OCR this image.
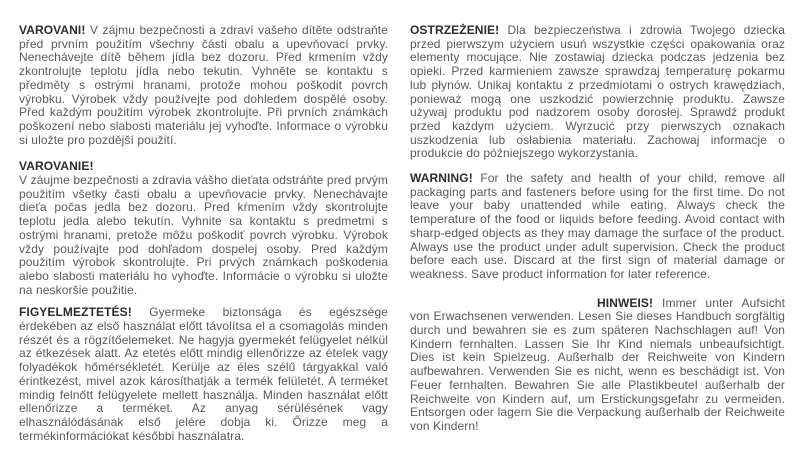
VAROVANI! V zájmu bezpečnosti a zdraví vašeho dítěte odstraňte před prvním použitím všechny části obalu a upevňovací prvky. Nenechávejte dítě během jídla bez dozoru. Před krmením vždy zkontrolujte teplotu jídla nebo tekutin. Vyhněte se kontaktu s předměty s ostrými hranami, protože mohou poškodit povrch výrobku. Výrobek vždy používejte pod dohledem dospělé osoby. Před každým použitím výrobek zkontrolujte. Při prvních známkách poškození nebo slabosti materiálu jej vyhoďte. Informace o výrobku si uložte pro pozdější použití.

VAROVANIE!
V záujme bezpečnosti a zdravia vášho dieťata odstráňte pred prvým použitím všetky časti obalu a upevňovacie prvky. Nenechávajte dieťa počas jedla bez dozoru. Pred kŕmením vždy skontrolujte teplotu jedla alebo tekutín. Vyhnite sa kontaktu s predmetmi s ostrými hranami, pretože môžu poškodiť povrch výrobku. Výrobok vždy používajte pod dohľadom dospelej osoby. Pred každým použitím výrobok skontrolujte. Pri prvých známkach poškodenia alebo slabosti materiálu ho vyhoďte. Informácie o výrobku si uložte na neskoršie použitie.

FIGYELMEZTETÉS! Gyermeke biztonsága és egészsége érdekében az első használat előtt távolítsa el a csomagolás minden részét és a rögzítőelemeket. Ne hagyja gyermekét felügyelet nélkül az étkezések alatt. Az etetés előtt mindig ellenőrizze az ételek vagy folyadékok hőmérsékletét. Kerülje az éles szélű tárgyakkal való érintkezést, mivel azok károsíthatják a termék felületét. A terméket mindig felnőtt felügyelete mellett használja. Minden használat előtt ellenőrizze a terméket. Az anyag sérülésének vagy elhasználódásának első jelére dobja ki. Őrizze meg a termékinformációkat későbbi használatra.

OSTRZEŻENIE! Dla bezpieczeństwa i zdrowia Twojego dziecka przed pierwszym użyciem usuń wszystkie części opakowania oraz elementy mocujące. Nie zostawiaj dziecka podczas jedzenia bez opieki. Przed karmieniem zawsze sprawdzaj temperaturę pokarmu lub płynów. Unikaj kontaktu z przedmiotami o ostrych krawędziach, ponieważ mogą one uszkodzić powierzchnię produktu. Zawsze używaj produktu pod nadzorem osoby dorosłej. Sprawdź produkt przed każdym użyciem. Wyrzucić przy pierwszych oznakach uszkodzenia lub osłabienia materiału. Zachowaj informacje o produkcie do późniejszego wykorzystania.

WARNING! For the safety and health of your child, remove all packaging parts and fasteners before using for the first time. Do not leave your baby unattended while eating. Always check the temperature of the food or liquids before feeding. Avoid contact with sharp-edged objects as they may damage the surface of the product. Always use the product under adult supervision. Check the product before each use. Discard at the first sign of material damage or weakness. Save product information for later reference.

HINWEIS! Immer unter Aufsicht von Erwachsenen verwenden. Lesen Sie dieses Handbuch sorgfältig durch und bewahren sie es zum späteren Nachschlagen auf! Von Kindern fernhalten. Lassen Sie Ihr Kind niemals unbeaufsichtigt. Dies ist kein Spielzeug. Außerhalb der Reichweite von Kindern aufbewahren. Verwenden Sie es nicht, wenn es beschädigt ist. Von Feuer fernhalten. Bewahren Sie alle Plastikbeutel außerhalb der Reichweite von Kindern auf, um Erstickungsgefahr zu vermeiden. Entsorgen oder lagern Sie die Verpackung außerhalb der Reichweite von Kindern!
